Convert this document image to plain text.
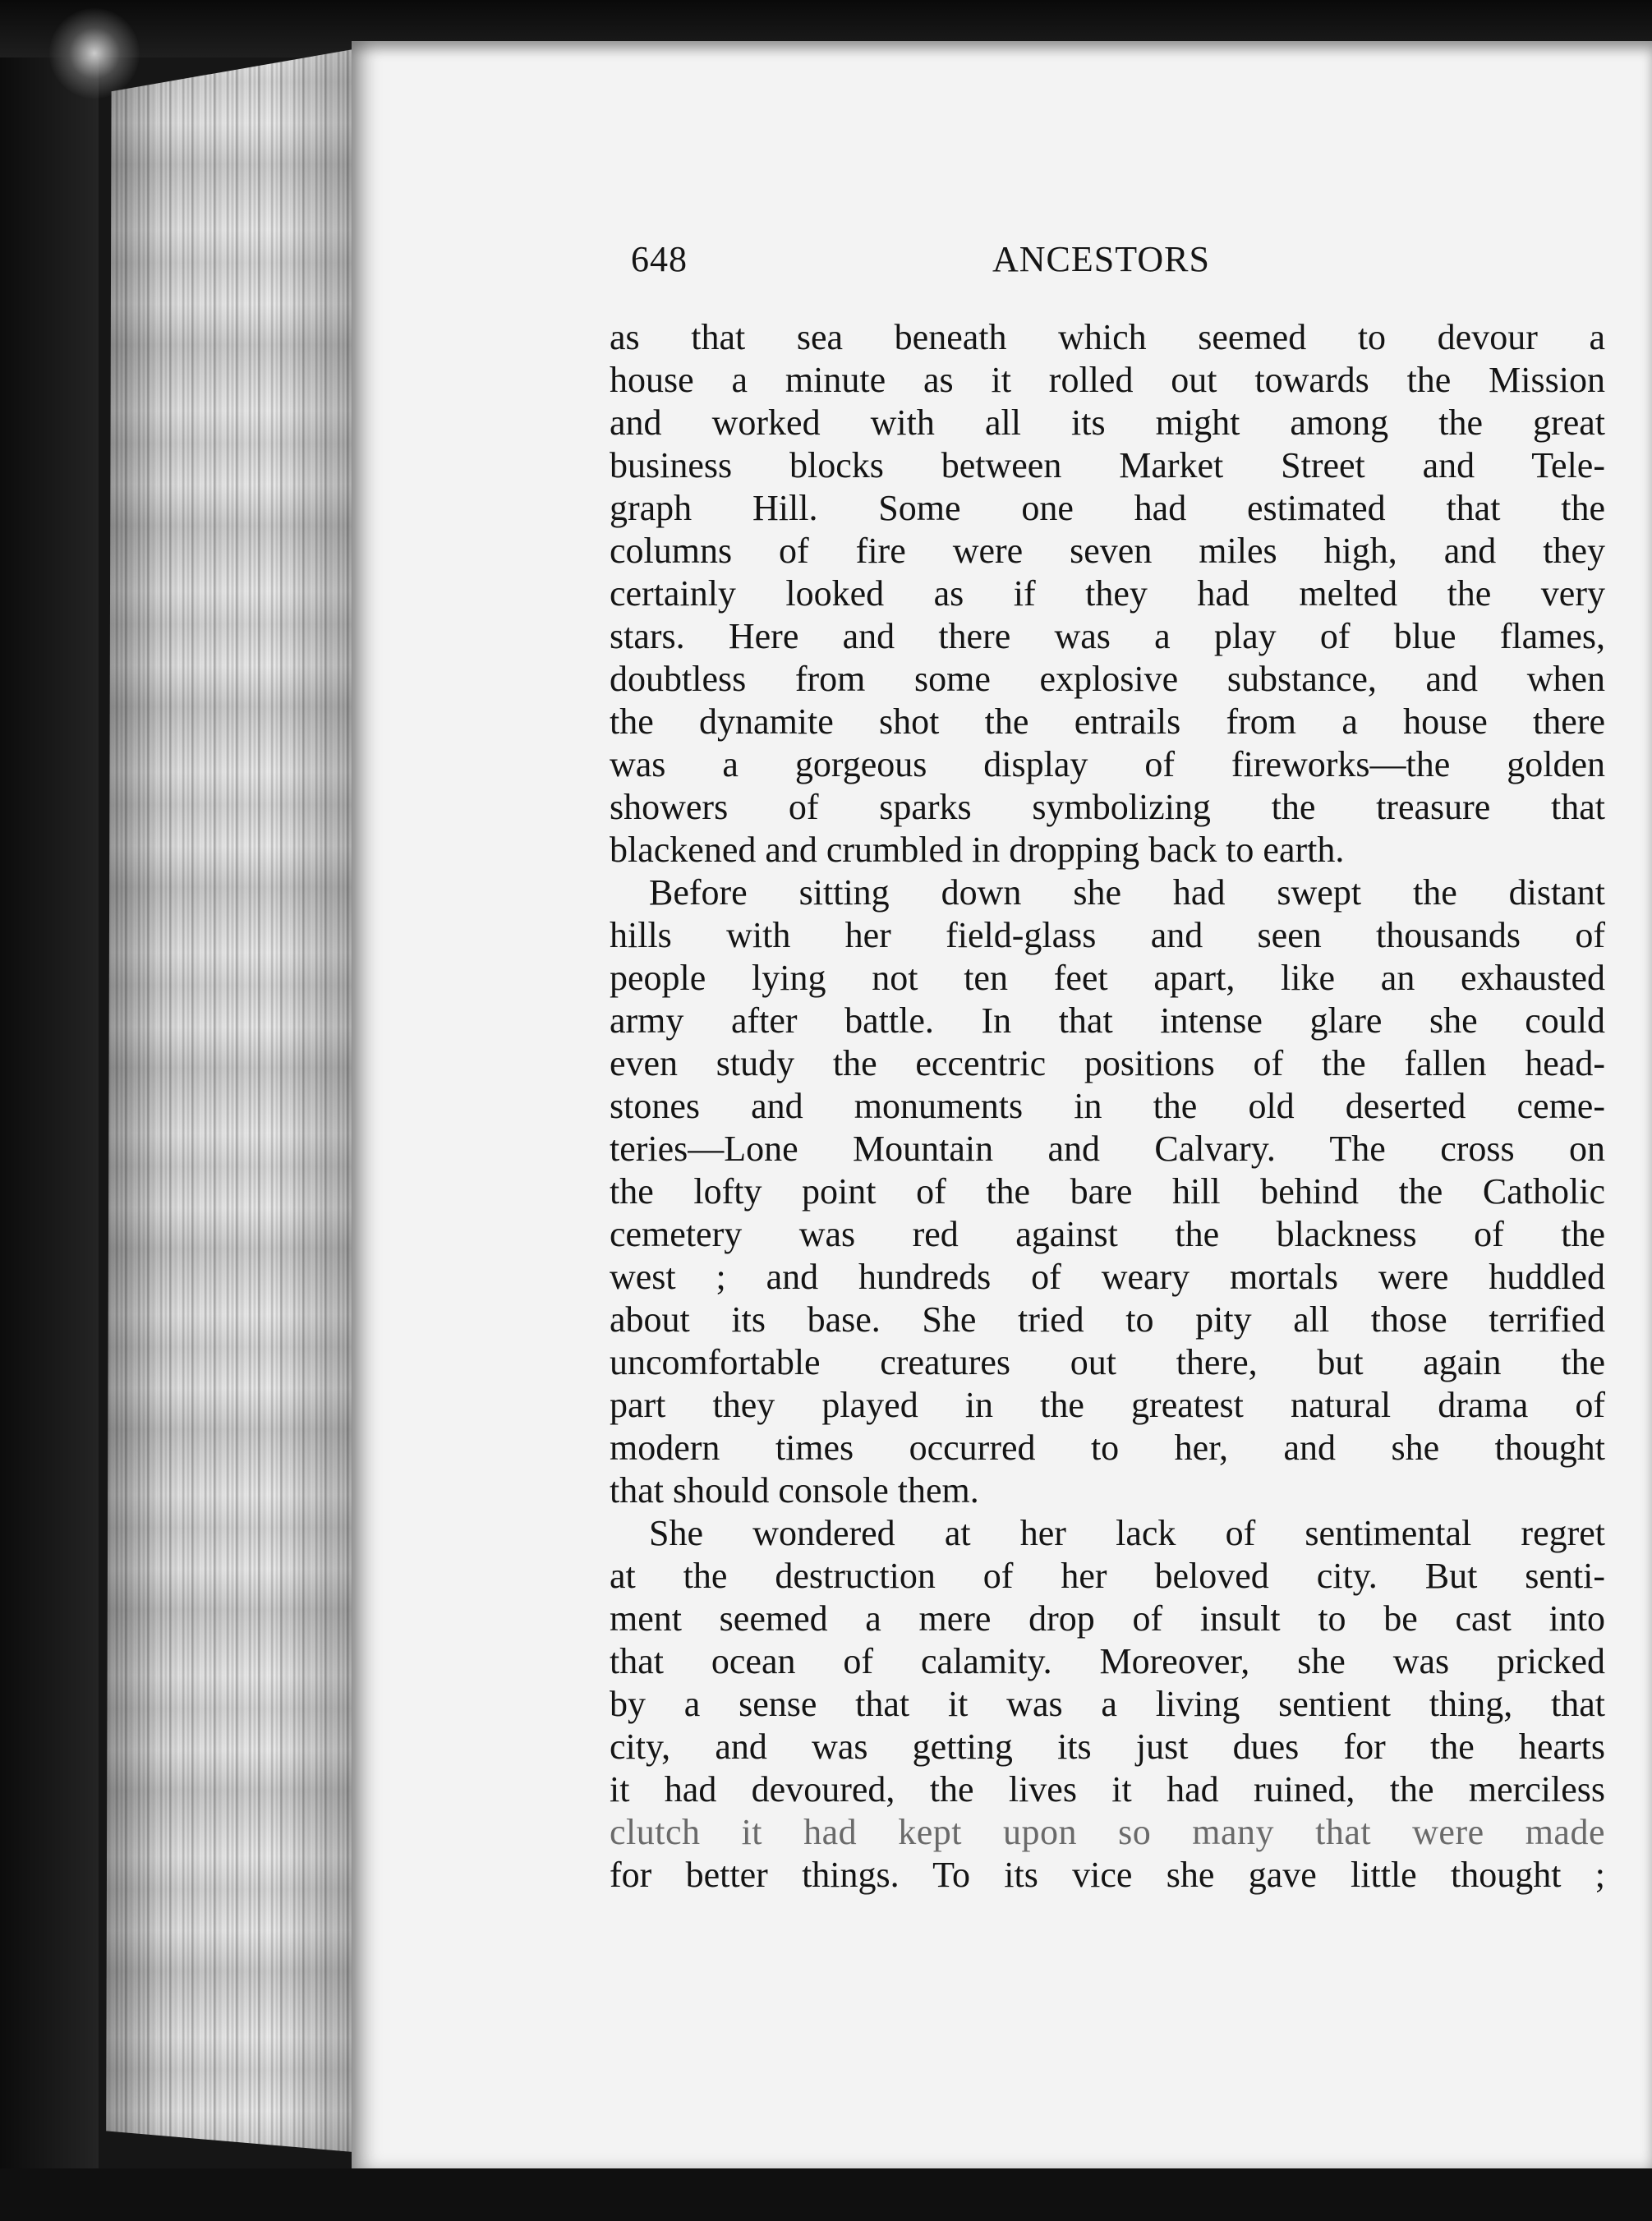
648	ANCESTORS
as that sea beneath which seemed to devour a
house a minute as it rolled out towards the Mission
and worked with all its might among the great
business blocks between Market Street and Tele-
graph Hill. Some one had estimated that the
columns of fire were seven miles high, and they
certainly looked as if they had melted the very
stars. Here and there was a play of blue flames,
doubtless from some explosive substance, and when
the dynamite shot the entrails from a house there
was a gorgeous display of fireworks—the golden
showers of sparks symbolizing the treasure that
blackened and crumbled in dropping back to earth.
Before sitting down she had swept the distant
hills with her field-glass and seen thousands of
people lying not ten feet apart, like an exhausted
army after battle. In that intense glare she could
even study the eccentric positions of the fallen head-
stones and monuments in the old deserted ceme-
teries—Lone Mountain and Calvary. The cross on
the lofty point of the bare hill behind the Catholic
cemetery was red against the blackness of the
west ; and hundreds of weary mortals were huddled
about its base. She tried to pity all those terrified
uncomfortable creatures out there, but again the
part they played in the greatest natural drama of
modern times occurred to her, and she thought
that should console them.
She wondered at her lack of sentimental regret
at the destruction of her beloved city. But senti-
ment seemed a mere drop of insult to be cast into
that ocean of calamity. Moreover, she was pricked
by a sense that it was a living sentient thing, that
city, and was getting its just dues for the hearts
it had devoured, the lives it had ruined, the merciless
clutch it had kept upon so many that were made
for better things. To its vice she gave little thought ;
